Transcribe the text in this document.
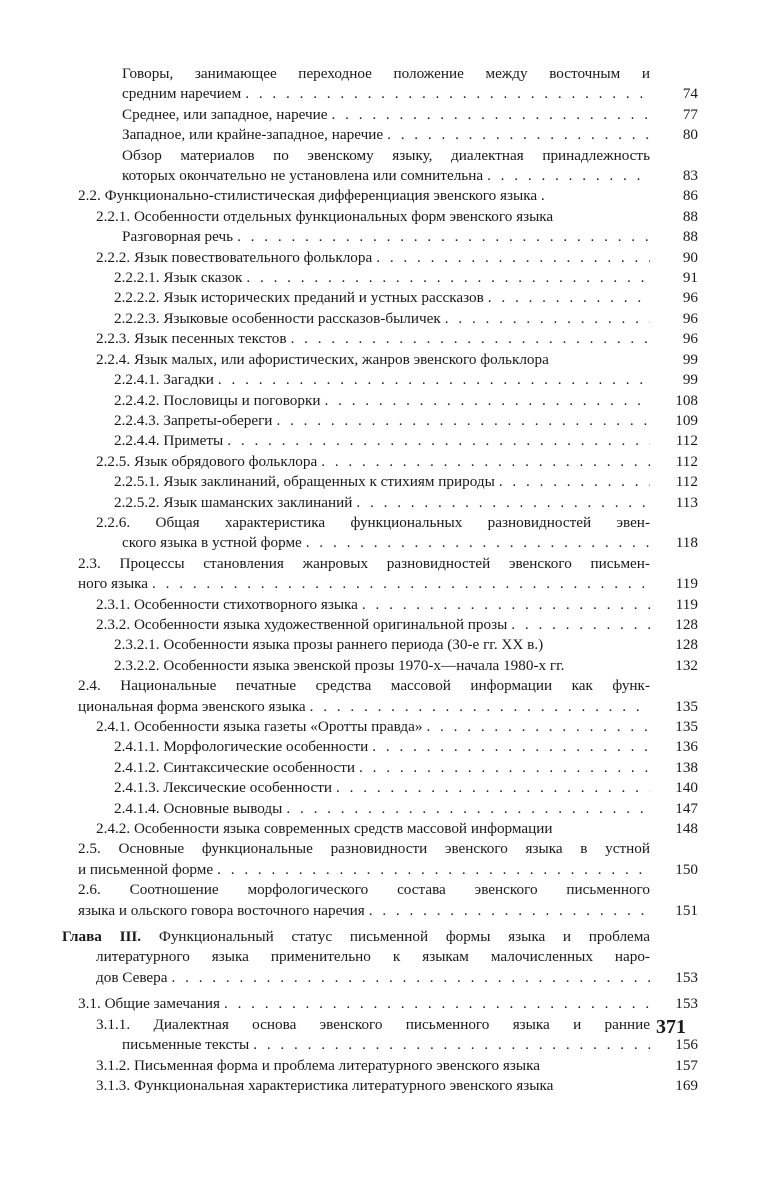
Говоры, занимающее переходное положение между восточным и
средним наречием . . .	74
Среднее, или западное, наречие . . .	77
Западное, или крайне-западное, наречие . . .	80
Обзор материалов по эвенскому языку, диалектная принадлежность
которых окончательно не установлена или сомнительна . . .	83
2.2. Функционально-стилистическая дифференциация эвенского языка .	86
2.2.1. Особенности отдельных функциональных форм эвенского языка	88
Разговорная речь . . .	88
2.2.2. Язык повествовательного фольклора . . .	90
2.2.2.1. Язык сказок . . .	91
2.2.2.2. Язык исторических преданий и устных рассказов . . .	96
2.2.2.3. Языковые особенности рассказов-быличек . . .	96
2.2.3. Язык песенных текстов . . .	96
2.2.4. Язык малых, или афористических, жанров эвенского фольклора	99
2.2.4.1. Загадки . . .	99
2.2.4.2. Пословицы и поговорки . . .	108
2.2.4.3. Запреты-обереги . . .	109
2.2.4.4. Приметы . . .	112
2.2.5. Язык обрядового фольклора . . .	112
2.2.5.1. Язык заклинаний, обращенных к стихиям природы . . .	112
2.2.5.2. Язык шаманских заклинаний . . .	113
2.2.6. Общая характеристика функциональных разновидностей эвен-
ского языка в устной форме . . .	118
2.3. Процессы становления жанровых разновидностей эвенского письмен-
ного языка . . .	119
2.3.1. Особенности стихотворного языка . . .	119
2.3.2. Особенности языка художественной оригинальной прозы . . .	128
2.3.2.1. Особенности языка прозы раннего периода (30-е гг. XX в.)	128
2.3.2.2. Особенности языка эвенской прозы 1970-х—начала 1980-х гг.	132
2.4. Национальные печатные средства массовой информации как функ-
циональная форма эвенского языка . . .	135
2.4.1. Особенности языка газеты «Оротты правда» . . .	135
2.4.1.1. Морфологические особенности . . .	136
2.4.1.2. Синтаксические особенности . . .	138
2.4.1.3. Лексические особенности . . .	140
2.4.1.4. Основные выводы . . .	147
2.4.2. Особенности языка современных средств массовой информации	148
2.5. Основные функциональные разновидности эвенского языка в устной
и письменной форме . . .	150
2.6. Соотношение морфологического состава эвенского письменного
языка и ольского говора восточного наречия . . .	151
Глава III. Функциональный статус письменной формы языка и проблема
литературного языка применительно к языкам малочисленных наро-
дов Севера . . .	153
3.1. Общие замечания . . .	153
3.1.1. Диалектная основа эвенского письменного языка и ранние
письменные тексты . . .	156
3.1.2. Письменная форма и проблема литературного эвенского языка	157
3.1.3. Функциональная характеристика литературного эвенского языка	169
371
